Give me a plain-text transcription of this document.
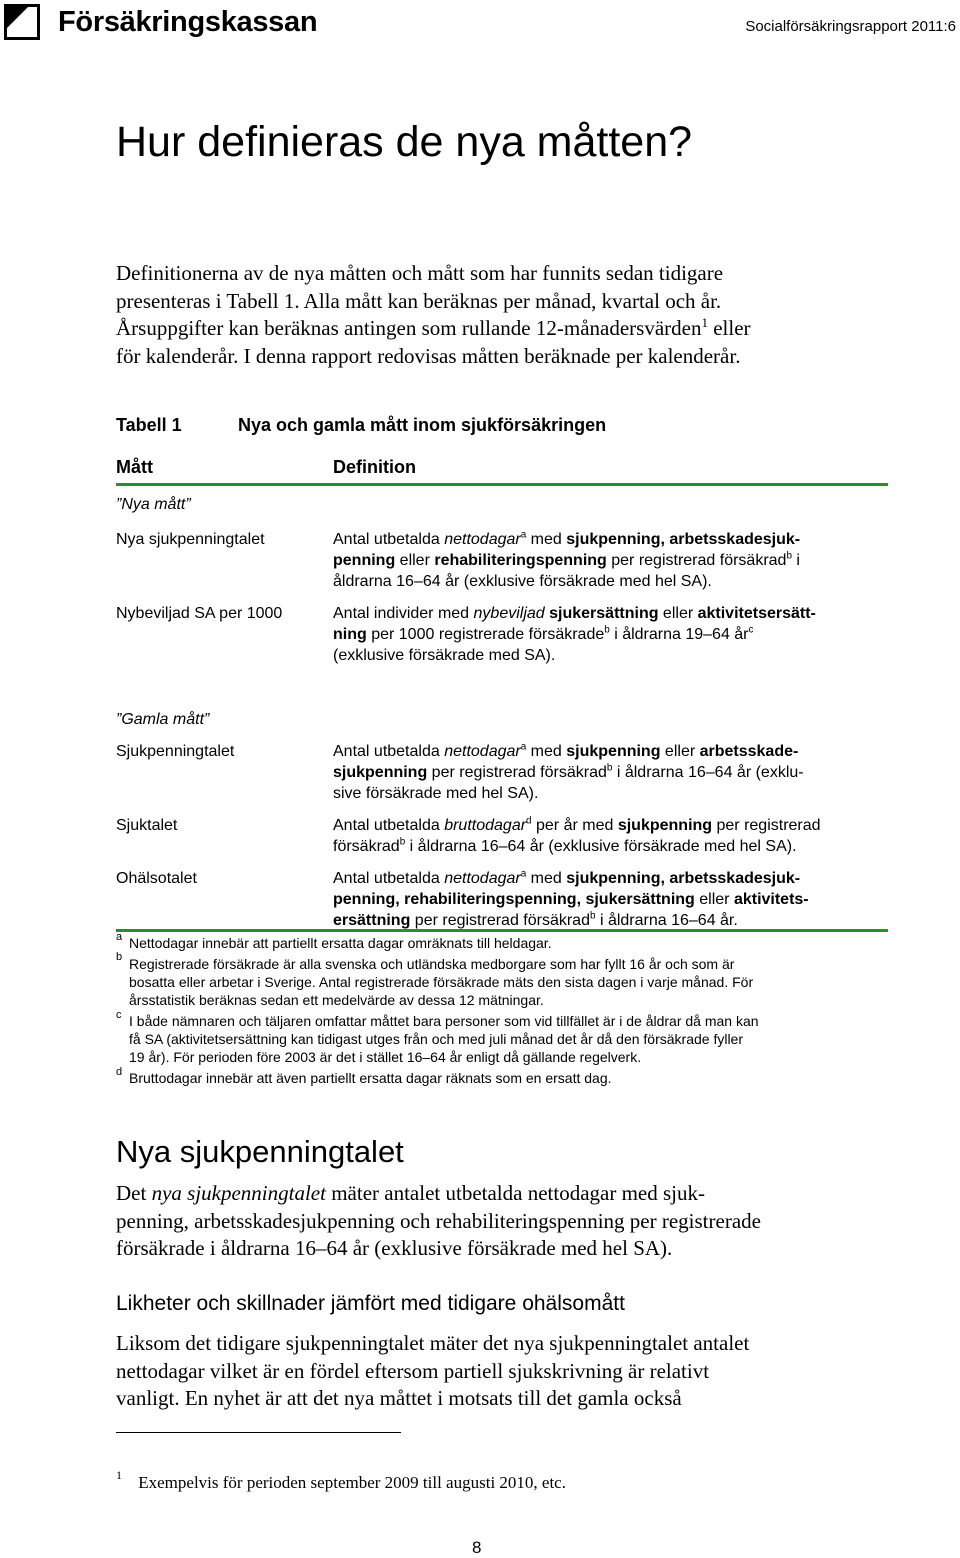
Försäkringskassan	Socialförsäkringsrapport 2011:6
Hur definieras de nya måtten?
Definitionerna av de nya måtten och mått som har funnits sedan tidigare
presenteras i Tabell 1. Alla mått kan beräknas per månad, kvartal och år.
Årsuppgifter kan beräknas antingen som rullande 12-månadersvärden$^1$ eller
för kalenderår. I denna rapport redovisas måtten beräknade per kalenderår.
Tabell 1	Nya och gamla mått inom sjukförsäkringen
Mått	Definition
”Nya mått”
Nya sjukpenningtalet	Antal utbetalda nettodagar$^a$ med sjukpenning, arbetsskadesjuk-
penning eller rehabiliteringspenning per registrerad försäkrad$^b$ i
åldrarna 16–64 år (exklusive försäkrade med hel SA).
Nybeviljad SA per 1000	Antal individer med nybeviljad sjukersättning eller aktivitetsersätt-
ning per 1000 registrerade försäkrade$^b$ i åldrarna 19–64 $år^c$
(exklusive försäkrade med SA).
”Gamla mått”
Sjukpenningtalet	Antal utbetalda nettodagar$^a$ med sjukpenning eller arbetsskade-
sjukpenning per registrerad försäkrad$^b$ i åldrarna 16–64 år (exklu-
sive försäkrade med hel SA).
Sjuktalet	Antal utbetalda bruttodagar$^d$ per år med sjukpenning per registrerad
försäkrad$^b$ i åldrarna 16–64 år (exklusive försäkrade med hel SA).
Ohälsotalet	Antal utbetalda nettodagar$^a$ med sjukpenning, arbetsskadesjuk-
penning, rehabiliteringspenning, sjukersättning eller aktivitets-
ersättning per registrerad försäkrad$^b$ i åldrarna 16–64 år.
a Nettodagar innebär att partiellt ersatta dagar omräknats till heldagar.
b Registrerade försäkrade är alla svenska och utländska medborgare som har fyllt 16 år och som är
bosatta eller arbetar i Sverige. Antal registrerade försäkrade mäts den sista dagen i varje månad. För
årsstatistik beräknas sedan ett medelvärde av dessa 12 mätningar.
c I både nämnaren och täljaren omfattar måttet bara personer som vid tillfället är i de åldrar då man kan
få SA (aktivitetsersättning kan tidigast utges från och med juli månad det år då den försäkrade fyller
19 år). För perioden före 2003 är det i stället 16–64 år enligt då gällande regelverk.
d Bruttodagar innebär att även partiellt ersatta dagar räknats som en ersatt dag.
Nya sjukpenningtalet
Det nya sjukpenningtalet mäter antalet utbetalda nettodagar med sjuk-
penning, arbetsskadesjukpenning och rehabiliteringspenning per registrerade
försäkrade i åldrarna 16–64 år (exklusive försäkrade med hel SA).
Likheter och skillnader jämfört med tidigare ohälsomått
Liksom det tidigare sjukpenningtalet mäter det nya sjukpenningtalet antalet
nettodagar vilket är en fördel eftersom partiell sjukskrivning är relativt
vanligt. En nyhet är att det nya måttet i motsats till det gamla också
$^1$ Exempelvis för perioden september 2009 till augusti 2010, etc.
8
